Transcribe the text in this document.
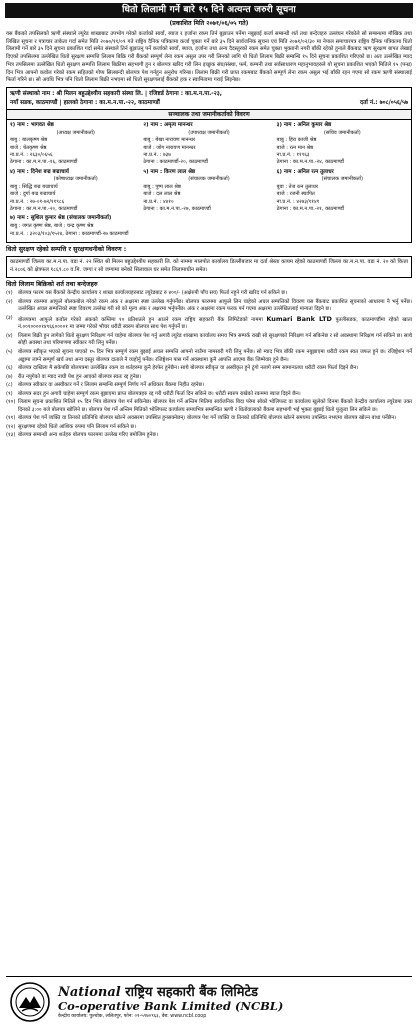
धितो लिलामी गर्ने बारे १५ दिने अत्यन्त जरुरी सूचना
(प्रकाशित मिति २०७१/०६/०५ गते)
यस बैंकको तपसिलको ऋणी संस्थाले ल्युरेड शाखाबाट उपभोग गरेको कर्जाको सावाँ, ब्याज र हर्जाना रकम तिर्न बुझाउन पर्नेमा नबुझाई कर्जा सम्बन्धी शर्त तथा बन्देजहरु उल्लंघन गरेकोले सो सम्बन्धमा मौखिक तथा लिखित सूचना र पत्राचार ताकेता गर्दा समेत मिति २०७०/११/०९ गते राष्ट्रिय दैनिक पत्रिकामा कर्जा चुक्ता गर्ने बारे ३५ दिने सार्वजनिक सूचना एवं मिति २०७१/०२/३० मा नेपाल समाचारपत्र राष्ट्रिय दैनिक पत्रिकामा धितो लिलामी गर्ने बारे ३५ दिने सूचना प्रकाशित गर्दा समेत संस्थाले तिर्न बुझाउनु पर्ने कर्जाको सावाँ, ब्याज, हर्जाना तथा अन्य दैदस्तुरको रकम समेत चुक्ता भुक्तानी नगरी बाँकी रहेको हुनाले बैंकबाट ऋण सुरक्षण बापत लेखाई दिएको तपसिलमा उल्लेखित धितो सुरक्षण सम्पत्ति लिलाम बिक्रि गरी बैंकको सम्पूर्ण लेना रकम असुल उपर गरी लिनको लागि यो धितो लिलाम बिक्री सम्बन्धि १५ दिने सूचना प्रकाशित गरिएको छ। अतः उल्लेखित म्याद भित्र तपसिलमा उल्लेखित धितो सुरक्षण सम्पत्ति लिलाम बिक्रीमा सहभागी हुन र बोलपत्र खरिद गरी लिन इच्छुक संघ/संस्था, फर्म, कम्पनी तथा सर्वसाधारण महानुभावहरुले यो सूचना प्रकाशित भएको मितिले १५ (पन्ध्र) दिन भित्र आफ्नो कवोल गरेको रकम सहितको गोप्य सिलबन्दी बोलपत्र पेश गर्नहुन अनुरोध गरिन्छ। लिलाम बिक्री गरी प्राप्त रकमबाट बैंकको सम्पूर्ण लेना रकम असुल भई बाँकी रहन गएमा सो रकम ऋणी संस्थालाई फिर्ता गरिने छ। सो अवधि भित्र पनि धितो लिलाम बिक्री नभएमा सो धितो सुरक्षणलाई बैंकको हक र स्वामित्वमा गराई लिइनेछ।
ऋणी संस्थाको नाम : श्री मिलन बहुउद्देश्यीय सहकारी संस्था लि. | रजिष्टर्ड ठेगाना : का.म.न.पा.-२३,
नयाँ सडक, काठमाण्डौं | हालको ठेगाना : का.म.न.पा.-२२, काठमाण्डौं	दर्ता नं.: ७०८/०५६/५७
सञ्चालक तथा जमानीकर्ताको विवरण
१) नाम : भागवत श्रेष्ठ
(अध्यक्ष जमानीकर्ता)
बाबु : बालकृष्ण श्रेष्ठ
बाजे : चेतकृष्ण श्रेष्ठ
ना.प्र.नं. : २६३०/०६५६
ठेगाना : का.म.न.पा.-१६, काठमाण्डौं
२) नाम : अमृत्य मानन्धर
(उपाध्यक्ष जमानीकर्ता)
बाबु : बेखा नारायण मानन्धर
बाजे : जोग नारायण मानन्धर
ना.प्र.नं. : ७३७
ठेगाना : काठमाण्डौं-२०, काठमाण्डौं
३) नाम : अनिल कुमार श्रेष्ठ
(सचिव जमानीकर्ता)
बाबु : हिरा काजी श्रेष्ठ
बाजे : रत्न मान श्रेष्ठ
ना.प्र.नं. : ११९६३
ठेगाना : का.म.न.पा.-२४, काठमाण्डौं
४) नाम : दिनेश बज्र बज्राचार्य
(कोषाध्यक्ष जमानीकर्ता)
बाबु : सिद्धि बज्र बज्राचार्य
बाजे : दुर्गा बज्र बज्राचार्य
ना.प्र.नं. : २७-०१-७२/११९८६
ठेगाना : का.म.न.पा.-२०, काठमाण्डौं
५) नाम : किरण लाल श्रेष्ठ
(संचालक जमानीकर्ता)
बाबु : पुष्प लाल श्रेष्ठ
बाजे : दल लाल श्रेष्ठ
ना.प्र.नं. : ४४१०
ठेगाना : का.म.न.पा.-२७, काठमाण्डौं
६) नाम : अनिल रत्न तुलाधर
(संचालक जमानीकर्ता)
बुवा : तेज रत्न तुलाधर
बाजे : रजनी स्थापित
ना.प्र.नं. : ४२७३/११४१
ठेगाना : का.म.न.पा.-२१, काठमाण्डौं
७) नाम : सुशिल कुमार श्रेष्ठ (संचालक जमानीकर्ता)
बाबु : जगत कृष्ण श्रेष्ठ, बाजे : चन्द्र कृष्ण श्रेष्ठ
ना.प्र.नं. : ३२०३/१०३/१५२४, ठेगाना : काठमाण्डौं-२७ काठमाण्डौं
धितो सुरक्षण रहेको सम्पत्ति र सुरक्षणधनीको विवरण :
काठमाण्डौं जिल्ला का.म.न.पा. वडा नं. २२ स्थित श्री मिलन बहुउद्देश्यीय सहकारी लि. को नाममा मालपोत कार्यालय डिल्लीबजार मा दर्ता श्रेस्ता कायम रहेको काठमाण्डौं जिल्ला का.म.न.पा. वडा नं. २० को कित्ता नं.२८०६ को क्षेत्रफल १८६९.८० व.मि. जग्गा र सो जग्गामा बनेको सिलावाल घर समेत लिलामाधीन समेत।
धितो लिलाम बिक्रिको शर्त तथा बन्देजहरु
(१)	बोलपत्र फारम यस बैंकको केन्द्रीय कार्यालय र शाखा कार्यालयहरुबाट ल्युरेडबाट रु ४००/- (अक्षेरुपी पाँच सय) फिर्ता नहुने गरी खरिद गर्न सकिने छ।
(२)	बोलपत्र रकममा आफुले बोलकबोल गरेको रकम अंक र अक्षरमा स्पष्ट उल्लेख गर्नुपर्नेछ। बोलपत्र फारममा आफुले लिन चाहेको अचल सम्पत्तिको विवरण यस बैंकबाट प्रकाशित सूचनाको आधारमा नै भर्नु पर्नेछ। उल्लेखित अचल सम्पत्तिको स्पष्ट विवरण उल्लेख गरी सो को मूल्य अंक र अक्षरमा भर्नुपर्नेछ। अंक र अक्षरमा रकम फरक पर्न गएमा अक्षरमा उल्लेखितलाई मान्यता दिइने छ।
(३)	बोलपत्रमा आफुले कवोल गरेको अंकको कम्तिमा १० प्रतिशतले हुन आउने रकम राष्ट्रिय सहकारी बैंक लिमिटेडको नाममा Kumari Bank LTD पुतलीसडक, काठमाण्डौंमा रहेको खाता नं.००१००००१४९६६००००१ मा जम्मा गरेको भौचर धरौटी स्वरुप बोलपत्र साथ पेश गर्नुपर्ने छ।
(४)	लिलाम बिक्री हुन लागेको धितो सुरक्षण निरिक्षण गर्न चाहेमा बोलपत्र पेश गर्नु अगावै ल्युरेड शाखामा कार्यालय समय भित्र सम्पर्क राखी सो सुरक्षणको निरिक्षण गर्न सकिनेछ र सो अवस्थामा निरिक्षण गर्न सकिने छ। साथै सोही अवस्था तथा परिमाणमा स्वीकार गरी लिनु पर्नेछ।
(५)	बोलपत्र स्वीकृत भएको सूचना पाएको १५ दिन भित्र सम्पूर्ण रकम बुझाई अचल सम्पत्ति आफ्नो नाउँमा नामसारी गरी लिनु पर्नेछ। सो म्याद भित्र बाँकी रकम नबुझाएमा धरौटी रकम स्वत जफत हुने छ। रजिष्ट्रेशन गर्ने अड्डामा लाग्ने सम्पूर्ण खर्च तथा अन्य दस्तुर बोलपत्र दाताले नै व्यहोर्नु पर्नेछ। रजिष्ट्रेशन पास गर्ने अवस्थामा कुनै आपत्ति आएमा बैंक जिम्मेवार हुने छैन।
(६)	बोलपत्र दाखिला मै सकेपछि बोलपत्रमा उल्लेखित रकम वा शर्तहरुमा कुनै हेरफेर हुनेछैन। साथै बोलपत्र स्वीकृत वा अस्वीकृत हुने टुंगो नलागे सम्म सामान्यतया धरौटी रकम फिर्ता दिइने छैन।
(७)	रीत नपुगेको वा म्याद नाघी पेश हुन आएको बोलपत्र स्वतः रद्द हुनेछ।
(८)	बोलपत्र स्वीकार वा अस्वीकार गर्ने र लिलाम सम्बन्धि सम्पूर्ण निर्णय गर्ने अधिकार बैंकमा निहीत रहनेछ।
(९)	बोलपत्र सदर हुन अगावै चाहेमा सम्पूर्ण रकम बुझाएमा प्राप्त बोलपत्रहरु रद्द गरी धरौटी फिर्ता दिन सकिने छ। धरौटी स्वरुप राखेको रकममा ब्याज दिइने छैन।
(१०) लिलाम सूचना प्रकाशित मितिले १५ दिन भित्र बोलपत्र पेश गर्न सकिनेछ। बोलपत्र पेश गर्ने अन्तिम मितिमा सार्वजनिक बिदा परेमा सोको भोलिपल्ट वा कार्यालय खुलेको दिनमा बैंकको केन्द्रीय कार्यालय ल्युरेडमा उक्त दिनको ३:०० बजे बोलपत्र खोलिने छ। बोलपत्र पेश गर्ने अन्तिम मितिको भोलिपल्ट कार्यालय समयभित्र सम्बन्धित ऋणी र धितोवालाको बैंकमा सहभागी भई भुक्ता बुझाई धितो फुकुवा लिन सकिने छ।
(११) बोलपत्र पेश गर्ने व्यक्ति वा तिनको प्रतिनिधि बोलपत्र खोल्ने अवसरमा उपस्थित हुनसक्नेछन्। बोलपत्र पेश गर्ने व्यक्ति वा तिनको प्रतिनिधि बोलपत्र खोल्ने समयमा उपस्थित नभएमा बोलपत्र खोल्न बाधा पर्नेछैन।
(१२) सुरक्षणमा रहेको धितो आंशिक रुपमा पनि लिलाम गर्न सकिने छ।
(१३) बोलपत्र सम्बन्धी अन्य शर्तहरु बोलपत्र फारममा उल्लेख गरिए बमोजिम हुनेछ।
National राष्ट्रिय सहकारी बैंक लिमिटेड
Co-operative Bank Limited (NCBL)
केन्द्रीय कार्यालय: पुल्चोक, ललितपुर, फोन: ०१-५९७०९६३, वेब: www.ncbl.coop
